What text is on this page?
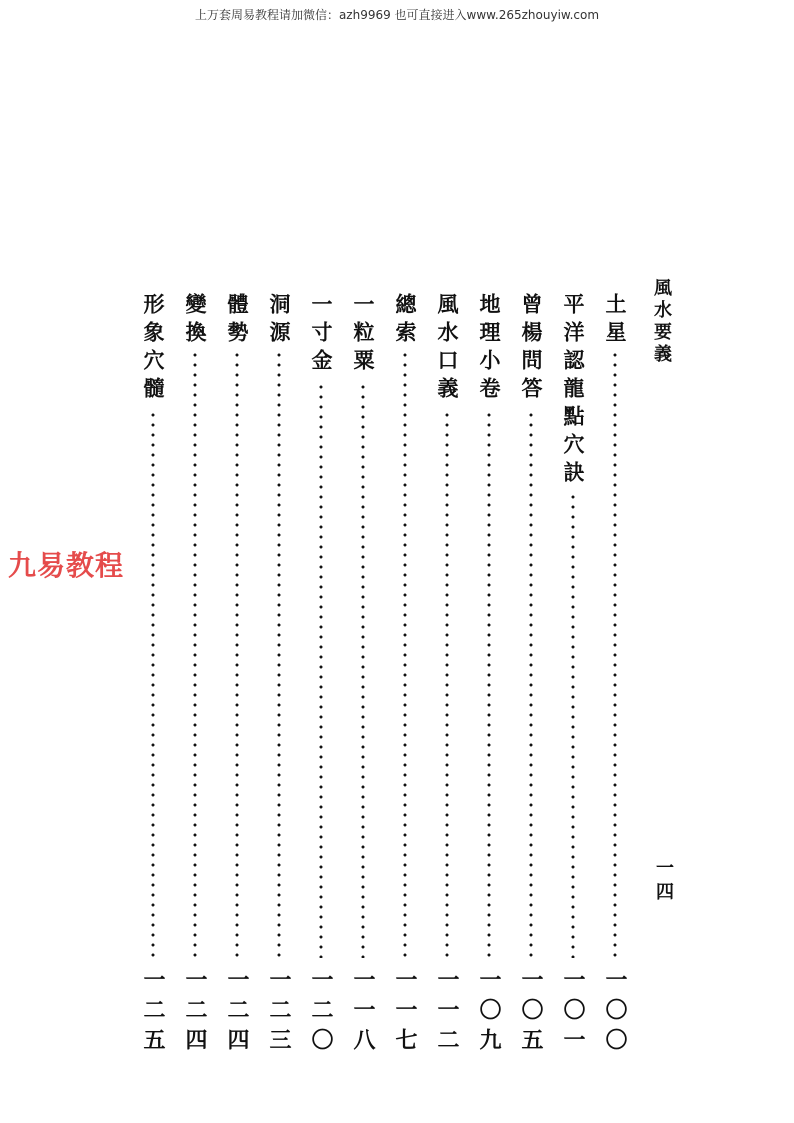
上万套周易教程请加微信：azh9969 也可直接进入www.265zhouyiw.com
風水要義
一四
九易教程
土星
一〇〇
平洋認龍點穴訣
一〇一
曾楊問答
一〇五
地理小卷
一〇九
風水口義
一一二
總索
一一七
一粒粟
一一八
一寸金
一二〇
洞源
一二三
體勢
一二四
變換
一二四
形象穴髓
一二五
